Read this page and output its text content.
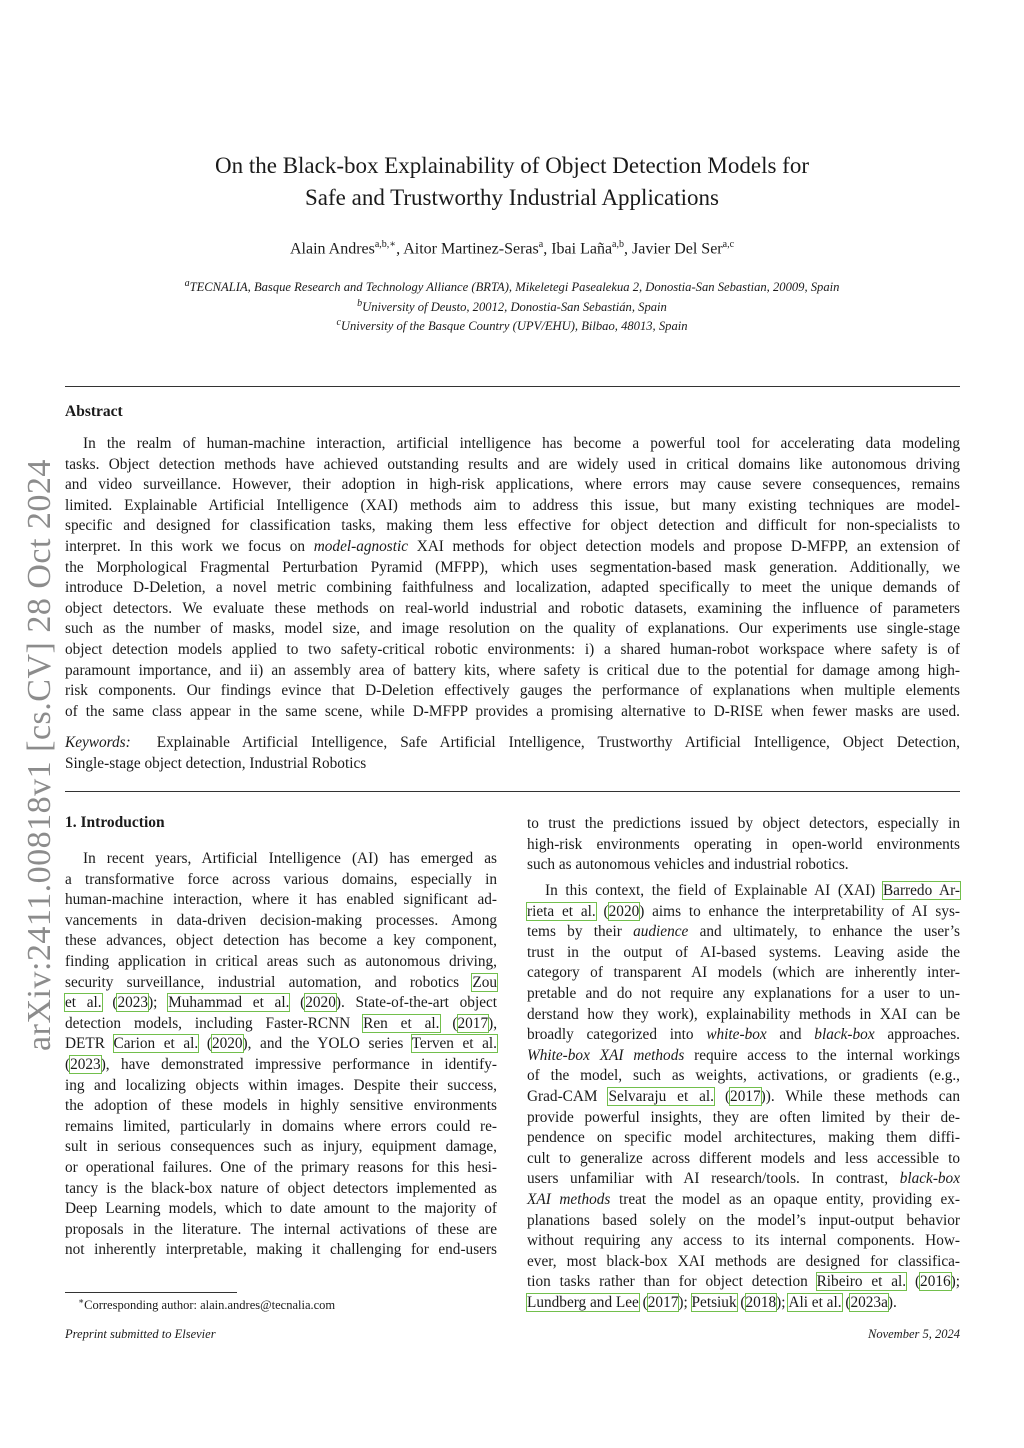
arXiv:2411.00818v1 [cs.CV] 28 Oct 2024
On the Black-box Explainability of Object Detection Models for
Safe and Trustworthy Industrial Applications
Alain Andres$^{a,b,∗}$, Aitor Martinez-Seras$^a$, Ibai Laña$^{a,b}$, Javier Del Ser$^{a,c}$
$^a$TECNALIA, Basque Research and Technology Alliance (BRTA), Mikeletegi Pasealekua 2, Donostia-San Sebastian, 20009, Spain
$^b$University of Deusto, 20012, Donostia-San Sebastián, Spain
$^c$University of the Basque Country (UPV/EHU), Bilbao, 48013, Spain
Abstract
In the realm of human-machine interaction, artificial intelligence has become a powerful tool for accelerating data modeling
tasks. Object detection methods have achieved outstanding results and are widely used in critical domains like autonomous driving
and video surveillance. However, their adoption in high-risk applications, where errors may cause severe consequences, remains
limited. Explainable Artificial Intelligence (XAI) methods aim to address this issue, but many existing techniques are model-
specific and designed for classification tasks, making them less effective for object detection and difficult for non-specialists to
interpret. In this work we focus on model-agnostic XAI methods for object detection models and propose D-MFPP, an extension of
the Morphological Fragmental Perturbation Pyramid (MFPP), which uses segmentation-based mask generation. Additionally, we
introduce D-Deletion, a novel metric combining faithfulness and localization, adapted specifically to meet the unique demands of
object detectors. We evaluate these methods on real-world industrial and robotic datasets, examining the influence of parameters
such as the number of masks, model size, and image resolution on the quality of explanations. Our experiments use single-stage
object detection models applied to two safety-critical robotic environments: i) a shared human-robot workspace where safety is of
paramount importance, and ii) an assembly area of battery kits, where safety is critical due to the potential for damage among high-
risk components. Our findings evince that D-Deletion effectively gauges the performance of explanations when multiple elements
of the same class appear in the same scene, while D-MFPP provides a promising alternative to D-RISE when fewer masks are used.
Keywords: Explainable Artificial Intelligence, Safe Artificial Intelligence, Trustworthy Artificial Intelligence, Object Detection,
Single-stage object detection, Industrial Robotics
1. Introduction
In recent years, Artificial Intelligence (AI) has emerged as
a transformative force across various domains, especially in
human-machine interaction, where it has enabled significant ad-
vancements in data-driven decision-making processes. Among
these advances, object detection has become a key component,
finding application in critical areas such as autonomous driving,
security surveillance, industrial automation, and robotics Zou
et al. (2023); Muhammad et al. (2020). State-of-the-art object
detection models, including Faster-RCNN Ren et al. (2017),
DETR Carion et al. (2020), and the YOLO series Terven et al.
(2023), have demonstrated impressive performance in identify-
ing and localizing objects within images. Despite their success,
the adoption of these models in highly sensitive environments
remains limited, particularly in domains where errors could re-
sult in serious consequences such as injury, equipment damage,
or operational failures. One of the primary reasons for this hesi-
tancy is the black-box nature of object detectors implemented as
Deep Learning models, which to date amount to the majority of
proposals in the literature. The internal activations of these are
not inherently interpretable, making it challenging for end-users
to trust the predictions issued by object detectors, especially in
high-risk environments operating in open-world environments
such as autonomous vehicles and industrial robotics.
In this context, the field of Explainable AI (XAI) Barredo Ar-
rieta et al. (2020) aims to enhance the interpretability of AI sys-
tems by their audience and ultimately, to enhance the user’s
trust in the output of AI-based systems. Leaving aside the
category of transparent AI models (which are inherently inter-
pretable and do not require any explanations for a user to un-
derstand how they work), explainability methods in XAI can be
broadly categorized into white-box and black-box approaches.
White-box XAI methods require access to the internal workings
of the model, such as weights, activations, or gradients (e.g.,
Grad-CAM Selvaraju et al. (2017)). While these methods can
provide powerful insights, they are often limited by their de-
pendence on specific model architectures, making them diffi-
cult to generalize across different models and less accessible to
users unfamiliar with AI research/tools. In contrast, black-box
XAI methods treat the model as an opaque entity, providing ex-
planations based solely on the model’s input-output behavior
without requiring any access to its internal components. How-
ever, most black-box XAI methods are designed for classifica-
tion tasks rather than for object detection Ribeiro et al. (2016);
Lundberg and Lee (2017); Petsiuk (2018); Ali et al. (2023a).
∗Corresponding author: alain.andres@tecnalia.com
Preprint submitted to Elsevier	November 5, 2024
